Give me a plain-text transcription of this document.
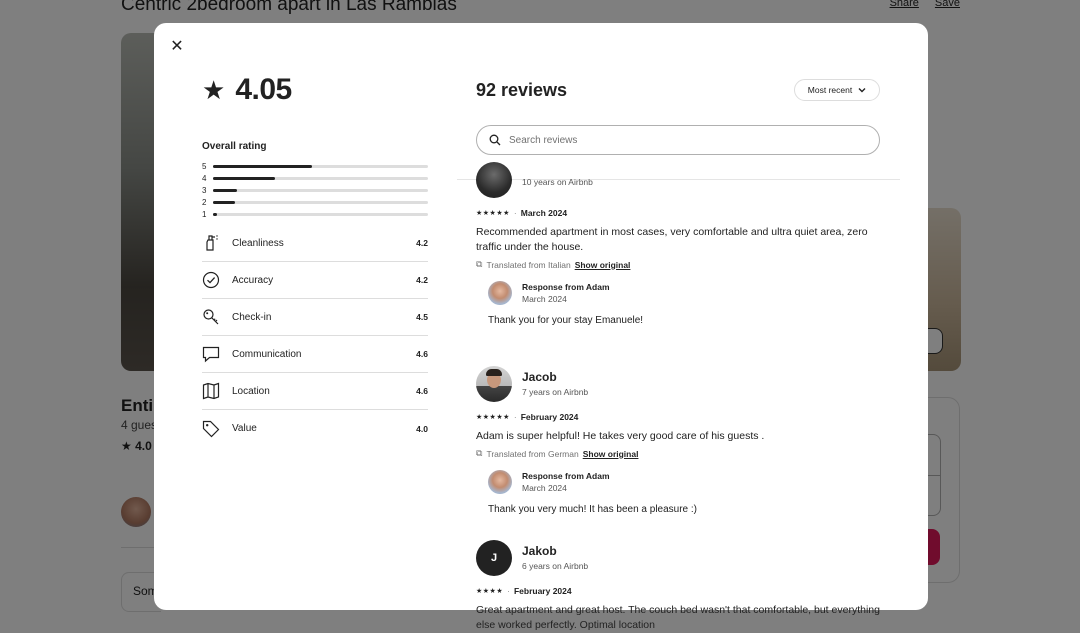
✕
★ 4.05
Overall rating
5
4
3
2
1
Cleanliness	4.2
Accuracy	4.2
Check-in	4.5
Communication	4.6
Location	4.6
Value	4.0
92 reviews	Most recent
Search reviews
10 years on Airbnb
★★★★★ · March 2024
Recommended apartment in most cases, very comfortable and ultra quiet area, zero traffic under the house.
⧉ Translated from Italian Show original
Response from Adam
March 2024
Thank you for your stay Emanuele!
Jacob
7 years on Airbnb
★★★★★ · February 2024
Adam is super helpful! He takes very good care of his guests .
⧉ Translated from German Show original
Response from Adam
March 2024
Thank you very much! It has been a pleasure :)
J
Jakob
6 years on Airbnb
★★★★ · February 2024
Great apartment and great host. The couch bed wasn't that comfortable, but everything else worked perfectly. Optimal location
